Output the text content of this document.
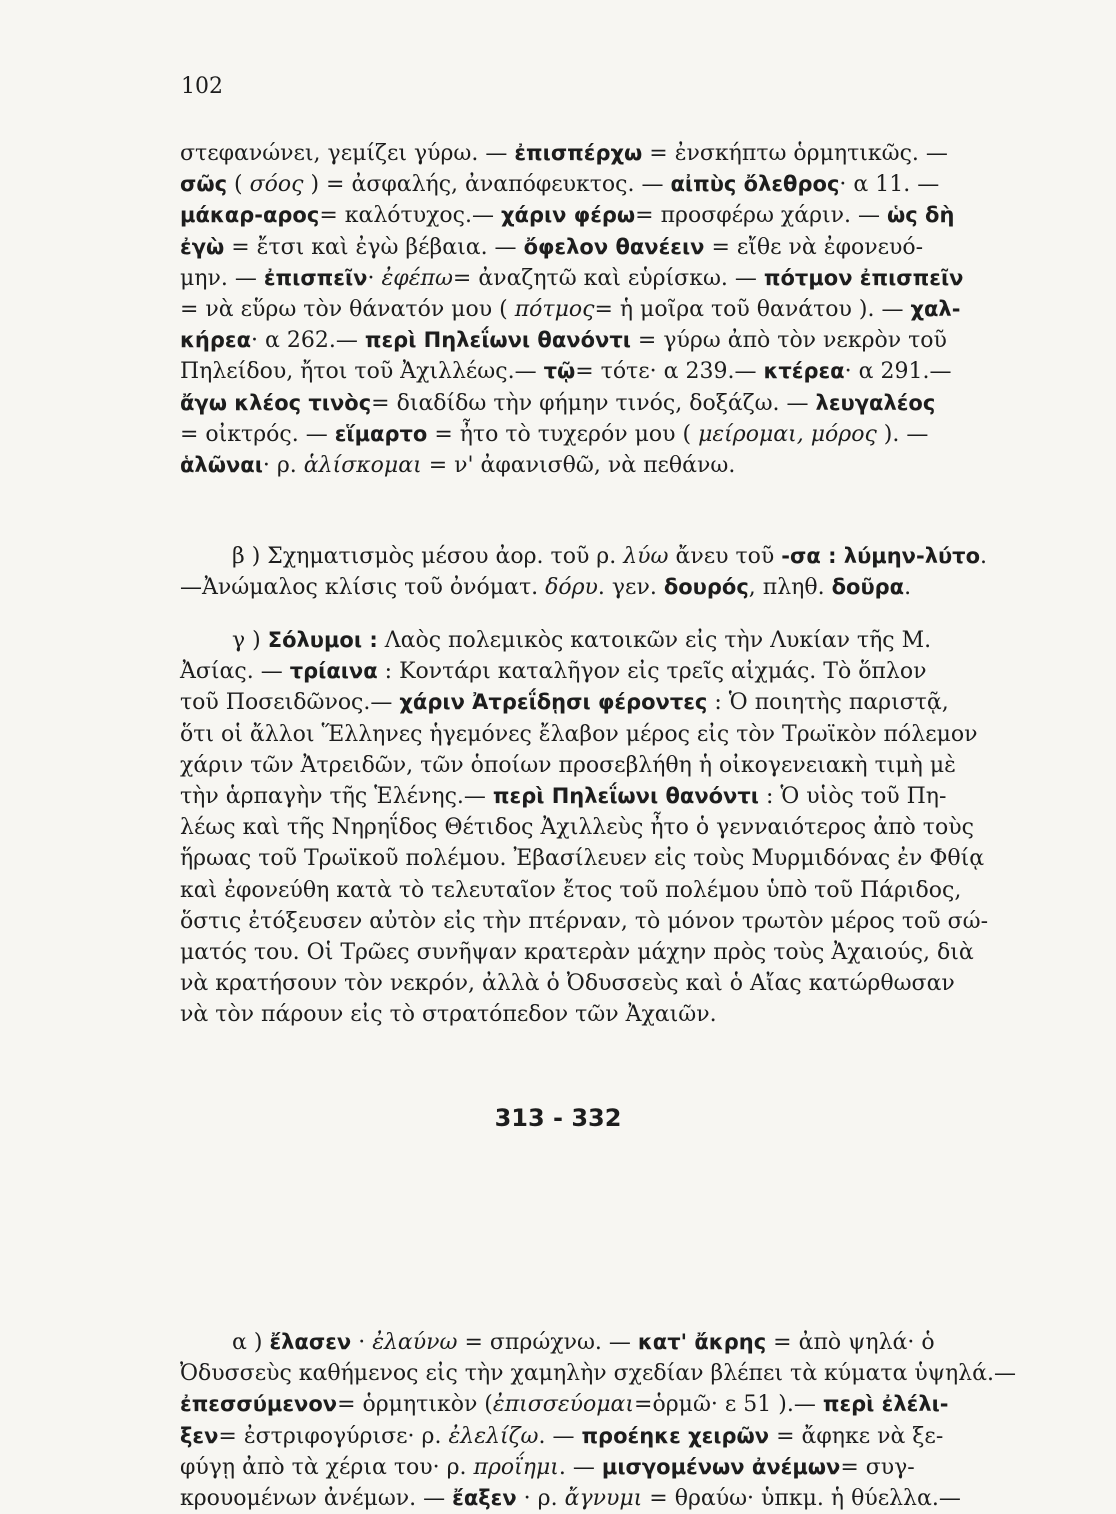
102
στεφανώνει, γεμίζει γύρω. — ἐπισπέρχω = ἐνσκήπτω ὁρμητικῶς. —
σῶς ( σόος ) = ἀσφαλής, ἀναπόφευκτος. — αἰπὺς ὄλεθρος· α 11. —
μάκαρ-αρος= καλότυχος.— χάριν φέρω= προσφέρω χάριν. — ὡς δὴ
ἐγὼ = ἔτσι καὶ ἐγὼ βέβαια. — ὄφελον θανέειν = εἴθε νὰ ἐφονευό-
μην. — ἐπισπεῖν· ἐφέπω= ἀναζητῶ καὶ εὑρίσκω. — πότμον ἐπισπεῖν
= νὰ εὕρω τὸν θάνατόν μου ( πότμος= ἡ μοῖρα τοῦ θανάτου ). — χαλ-
κήρεα· α 262.— περὶ Πηλεΐωνι θανόντι = γύρω ἀπὸ τὸν νεκρὸν τοῦ
Πηλείδου, ἤτοι τοῦ Ἀχιλλέως.— τῷ= τότε· α 239.— κτέρεα· α 291.—
ἄγω κλέος τινὸς= διαδίδω τὴν φήμην τινός, δοξάζω. — λευγαλέος
= οἰκτρός. — εἵμαρτο = ἦτο τὸ τυχερόν μου ( μείρομαι, μόρος ). —
ἁλῶναι· ρ. ἁλίσκομαι = ν' ἀφανισθῶ, νὰ πεθάνω.
β ) Σχηματισμὸς μέσου ἀορ. τοῦ ρ. λύω ἄνευ τοῦ -σα : λύμην-λύτο.
—Ἀνώμαλος κλίσις τοῦ ὀνόματ. δόρυ. γεν. δουρός, πληθ. δοῦρα.
γ ) Σόλυμοι : Λαὸς πολεμικὸς κατοικῶν εἰς τὴν Λυκίαν τῆς Μ.
Ἀσίας. — τρίαινα : Κοντάρι καταλῆγον εἰς τρεῖς αἰχμάς. Τὸ ὅπλον
τοῦ Ποσειδῶνος.— χάριν Ἀτρεΐδῃσι φέροντες : Ὁ ποιητὴς παριστᾷ,
ὅτι οἱ ἄλλοι Ἕλληνες ἡγεμόνες ἔλαβον μέρος εἰς τὸν Τρωϊκὸν πόλεμον
χάριν τῶν Ἀτρειδῶν, τῶν ὁποίων προσεβλήθη ἡ οἰκογενειακὴ τιμὴ μὲ
τὴν ἁρπαγὴν τῆς Ἑλένης.— περὶ Πηλεΐωνι θανόντι : Ὁ υἱὸς τοῦ Πη-
λέως καὶ τῆς Νηρηΐδος Θέτιδος Ἀχιλλεὺς ἦτο ὁ γενναιότερος ἀπὸ τοὺς
ἥρωας τοῦ Τρωϊκοῦ πολέμου. Ἐβασίλευεν εἰς τοὺς Μυρμιδόνας ἐν Φθίᾳ
καὶ ἐφονεύθη κατὰ τὸ τελευταῖον ἔτος τοῦ πολέμου ὑπὸ τοῦ Πάριδος,
ὅστις ἐτόξευσεν αὐτὸν εἰς τὴν πτέρναν, τὸ μόνον τρωτὸν μέρος τοῦ σώ-
ματός του. Οἱ Τρῶες συνῆψαν κρατερὰν μάχην πρὸς τοὺς Ἀχαιούς, διὰ
νὰ κρατήσουν τὸν νεκρόν, ἀλλὰ ὁ Ὀδυσσεὺς καὶ ὁ Αἴας κατώρθωσαν
νὰ τὸν πάρουν εἰς τὸ στρατόπεδον τῶν Ἀχαιῶν.
313 - 332
α ) ἔλασεν · ἐλαύνω = σπρώχνω. — κατ' ἄκρης = ἀπὸ ψηλά· ὁ
Ὀδυσσεὺς καθήμενος εἰς τὴν χαμηλὴν σχεδίαν βλέπει τὰ κύματα ὑψηλά.—
ἐπεσσύμενον= ὁρμητικὸν (ἐπισσεύομαι=ὁρμῶ· ε 51 ).— περὶ ἐλέλι-
ξεν= ἐστριφογύρισε· ρ. ἐλελίζω. — προέηκε χειρῶν = ἄφηκε νὰ ξε-
φύγῃ ἀπὸ τὰ χέρια του· ρ. προΐημι. — μισγομένων ἀνέμων= συγ-
κρουομένων ἀνέμων. — ἔαξεν · ρ. ἄγνυμι = θραύω· ὑπκμ. ἡ θύελλα.—
